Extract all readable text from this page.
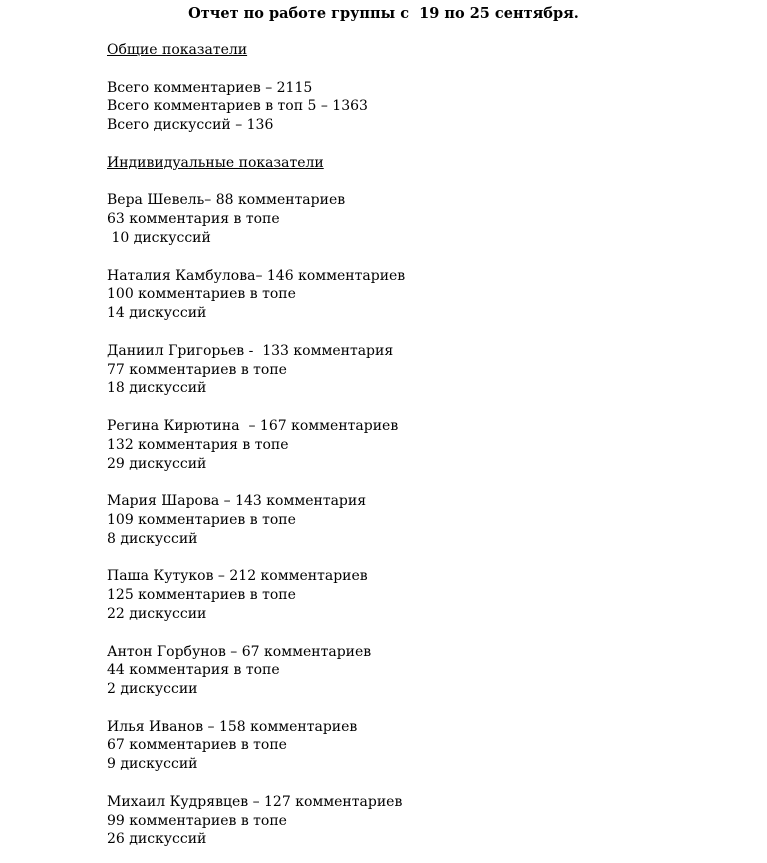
Отчет по работе группы с  19 по 25 сентября.
Общие показатели
Всего комментариев – 2115
Всего комментариев в топ 5 – 1363
Всего дискуссий – 136
Индивидуальные показатели
Вера Шевель– 88 комментариев
63 комментария в топе
10 дискуссий
Наталия Камбулова– 146 комментариев
100 комментариев в топе
14 дискуссий
Даниил Григорьев -  133 комментария
77 комментариев в топе
18 дискуссий
Регина Кирютина  – 167 комментариев
132 комментария в топе
29 дискуссий
Мария Шарова – 143 комментария
109 комментариев в топе
8 дискуссий
Паша Кутуков – 212 комментариев
125 комментариев в топе
22 дискуссии
Антон Горбунов – 67 комментариев
44 комментария в топе
2 дискуссии
Илья Иванов – 158 комментариев
67 комментариев в топе
9 дискуссий
Михаил Кудрявцев – 127 комментариев
99 комментариев в топе
26 дискуссий
